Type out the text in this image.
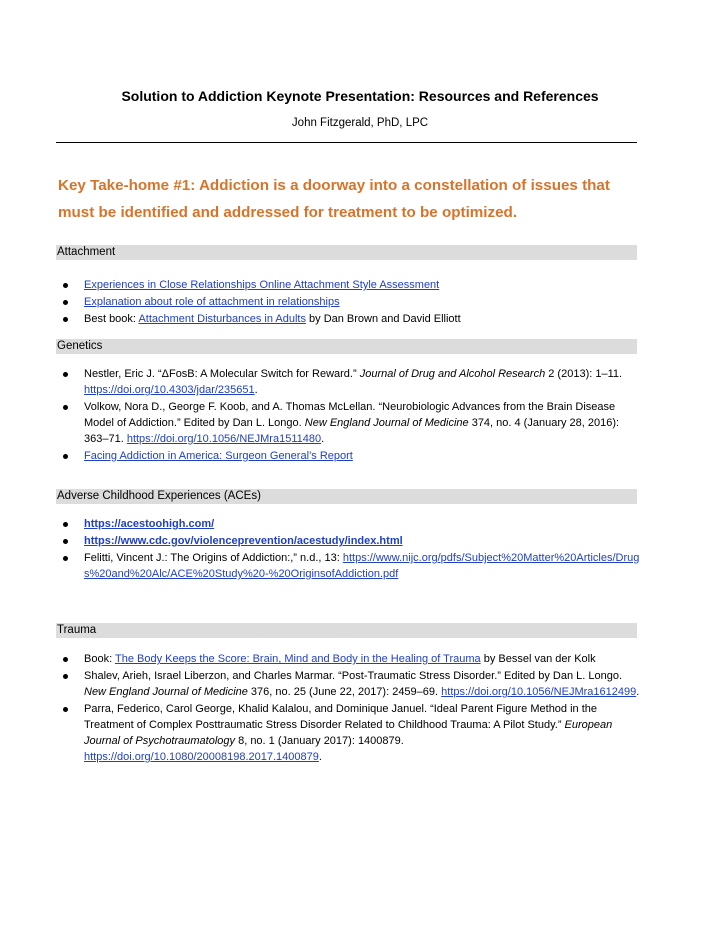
Solution to Addiction Keynote Presentation: Resources and References
John Fitzgerald, PhD, LPC
Key Take-home #1: Addiction is a doorway into a constellation of issues that must be identified and addressed for treatment to be optimized.
Attachment
Experiences in Close Relationships Online Attachment Style Assessment
Explanation about role of attachment in relationships
Best book: Attachment Disturbances in Adults by Dan Brown and David Elliott
Genetics
Nestler, Eric J. “ΔFosB: A Molecular Switch for Reward.” Journal of Drug and Alcohol Research 2 (2013): 1–11. https://doi.org/10.4303/jdar/235651.
Volkow, Nora D., George F. Koob, and A. Thomas McLellan. “Neurobiologic Advances from the Brain Disease Model of Addiction.” Edited by Dan L. Longo. New England Journal of Medicine 374, no. 4 (January 28, 2016): 363–71. https://doi.org/10.1056/NEJMra1511480.
Facing Addiction in America: Surgeon General’s Report
Adverse Childhood Experiences (ACEs)
https://acestoohigh.com/
https://www.cdc.gov/violenceprevention/acestudy/index.html
Felitti, Vincent J.: The Origins of Addiction:,” n.d., 13: https://www.nijc.org/pdfs/Subject%20Matter%20Articles/Drugs%20and%20Alc/ACE%20Study%20-%20OriginsofAddiction.pdf
Trauma
Book: The Body Keeps the Score: Brain, Mind and Body in the Healing of Trauma by Bessel van der Kolk
Shalev, Arieh, Israel Liberzon, and Charles Marmar. “Post-Traumatic Stress Disorder.” Edited by Dan L. Longo. New England Journal of Medicine 376, no. 25 (June 22, 2017): 2459–69. https://doi.org/10.1056/NEJMra1612499.
Parra, Federico, Carol George, Khalid Kalalou, and Dominique Januel. “Ideal Parent Figure Method in the Treatment of Complex Posttraumatic Stress Disorder Related to Childhood Trauma: A Pilot Study.” European Journal of Psychotraumatology 8, no. 1 (January 2017): 1400879. https://doi.org/10.1080/20008198.2017.1400879.
